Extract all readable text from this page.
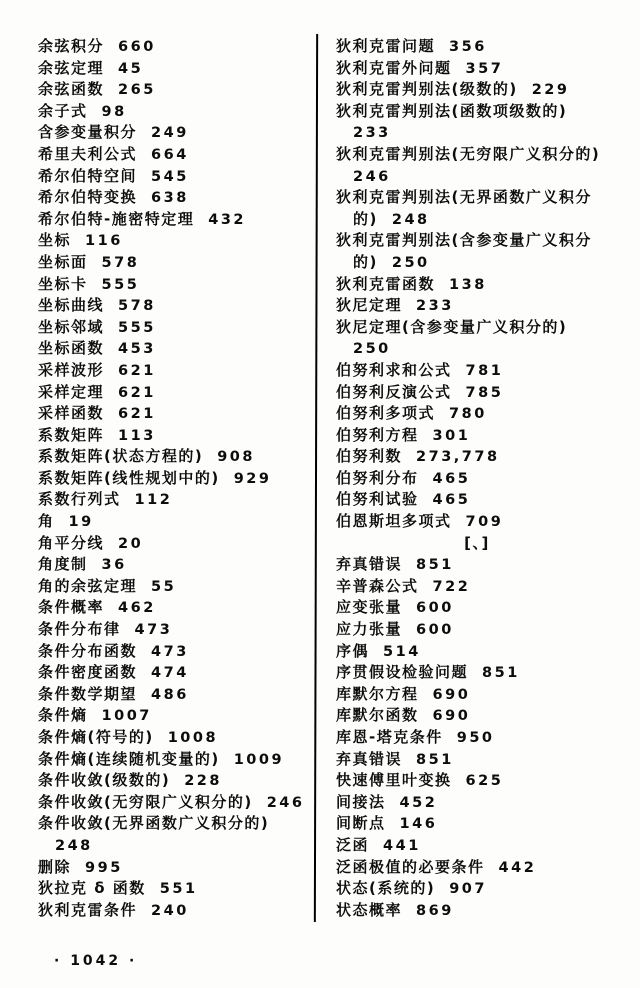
余弦积分 660
余弦定理 45
余弦函数 265
余子式 98
含参变量积分 249
希里夫利公式 664
希尔伯特空间 545
希尔伯特变换 638
希尔伯特-施密特定理 432
坐标 116
坐标面 578
坐标卡 555
坐标曲线 578
坐标邻域 555
坐标函数 453
采样波形 621
采样定理 621
采样函数 621
系数矩阵 113
系数矩阵(状态方程的) 908
系数矩阵(线性规划中的) 929
系数行列式 112
角 19
角平分线 20
角度制 36
角的余弦定理 55
条件概率 462
条件分布律 473
条件分布函数 473
条件密度函数 474
条件数学期望 486
条件熵 1007
条件熵(符号的) 1008
条件熵(连续随机变量的) 1009
条件收敛(级数的) 228
条件收敛(无穷限广义积分的) 246
条件收敛(无界函数广义积分的)
248
删除 995
狄拉克 δ 函数 551
狄利克雷条件 240
狄利克雷问题 356
狄利克雷外问题 357
狄利克雷判别法(级数的) 229
狄利克雷判别法(函数项级数的)
233
狄利克雷判别法(无穷限广义积分的)
246
狄利克雷判别法(无界函数广义积分
的) 248
狄利克雷判别法(含参变量广义积分
的) 250
狄利克雷函数 138
狄尼定理 233
狄尼定理(含参变量广义积分的)
250
伯努利求和公式 781
伯努利反演公式 785
伯努利多项式 780
伯努利方程 301
伯努利数 273,778
伯努利分布 465
伯努利试验 465
伯恩斯坦多项式 709
[、]
弃真错误 851
辛普森公式 722
应变张量 600
应力张量 600
序偶 514
序贯假设检验问题 851
库默尔方程 690
库默尔函数 690
库恩-塔克条件 950
弃真错误 851
快速傅里叶变换 625
间接法 452
间断点 146
泛函 441
泛函极值的必要条件 442
状态(系统的) 907
状态概率 869
· 1042 ·
